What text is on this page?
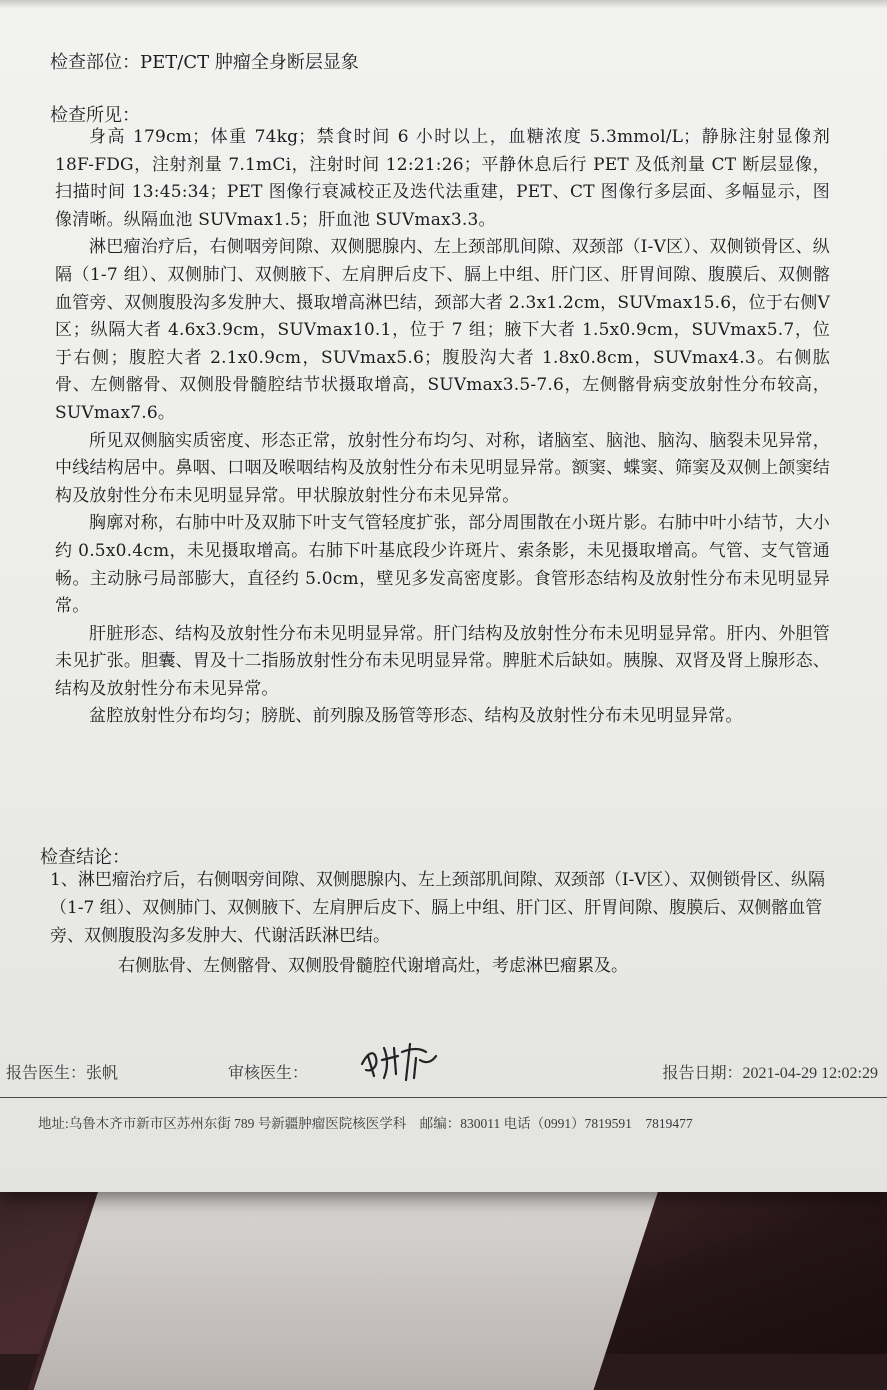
检查部位：PET/CT 肿瘤全身断层显象
检查所见：

身高 179cm；体重 74kg；禁食时间 6 小时以上，血糖浓度 5.3mmol/L；静脉注射显像剂 18F-FDG，注射剂量 7.1mCi，注射时间 12:21:26；平静休息后行 PET 及低剂量 CT 断层显像，扫描时间 13:45:34；PET 图像行衰减校正及迭代法重建，PET、CT 图像行多层面、多幅显示，图像清晰。纵隔血池 SUVmax1.5；肝血池 SUVmax3.3。

淋巴瘤治疗后，右侧咽旁间隙、双侧腮腺内、左上颈部肌间隙、双颈部（Ⅰ-Ⅴ区）、双侧锁骨区、纵隔（1-7 组）、双侧肺门、双侧腋下、左肩胛后皮下、膈上中组、肝门区、肝胃间隙、腹膜后、双侧髂血管旁、双侧腹股沟多发肿大、摄取增高淋巴结，颈部大者 2.3x1.2cm，SUVmax15.6，位于右侧Ⅴ区；纵隔大者 4.6x3.9cm，SUVmax10.1，位于 7 组；腋下大者 1.5x0.9cm，SUVmax5.7，位于右侧；腹腔大者 2.1x0.9cm，SUVmax5.6；腹股沟大者 1.8x0.8cm，SUVmax4.3。右侧肱骨、左侧髂骨、双侧股骨髓腔结节状摄取增高，SUVmax3.5-7.6，左侧髂骨病变放射性分布较高，SUVmax7.6。

所见双侧脑实质密度、形态正常，放射性分布均匀、对称，诸脑室、脑池、脑沟、脑裂未见异常，中线结构居中。鼻咽、口咽及喉咽结构及放射性分布未见明显异常。额窦、蝶窦、筛窦及双侧上颌窦结构及放射性分布未见明显异常。甲状腺放射性分布未见异常。

胸廓对称，右肺中叶及双肺下叶支气管轻度扩张，部分周围散在小斑片影。右肺中叶小结节，大小约 0.5x0.4cm，未见摄取增高。右肺下叶基底段少许斑片、索条影，未见摄取增高。气管、支气管通畅。主动脉弓局部膨大，直径约 5.0cm，壁见多发高密度影。食管形态结构及放射性分布未见明显异常。

肝脏形态、结构及放射性分布未见明显异常。肝门结构及放射性分布未见明显异常。肝内、外胆管未见扩张。胆囊、胃及十二指肠放射性分布未见明显异常。脾脏术后缺如。胰腺、双肾及肾上腺形态、结构及放射性分布未见异常。

盆腔放射性分布均匀；膀胱、前列腺及肠管等形态、结构及放射性分布未见明显异常。

检查结论：

1、淋巴瘤治疗后，右侧咽旁间隙、双侧腮腺内、左上颈部肌间隙、双颈部（Ⅰ-Ⅴ区）、双侧锁骨区、纵隔（1-7 组）、双侧肺门、双侧腋下、左肩胛后皮下、膈上中组、肝门区、肝胃间隙、腹膜后、双侧髂血管旁、双侧腹股沟多发肿大、代谢活跃淋巴结。

右侧肱骨、左侧髂骨、双侧股骨髓腔代谢增高灶，考虑淋巴瘤累及。

报告医生：张帆	审核医生：	报告日期：2021-04-29 12:02:29
地址:乌鲁木齐市新市区苏州东街 789 号新疆肿瘤医院核医学科　邮编：830011 电话（0991）7819591　7819477
